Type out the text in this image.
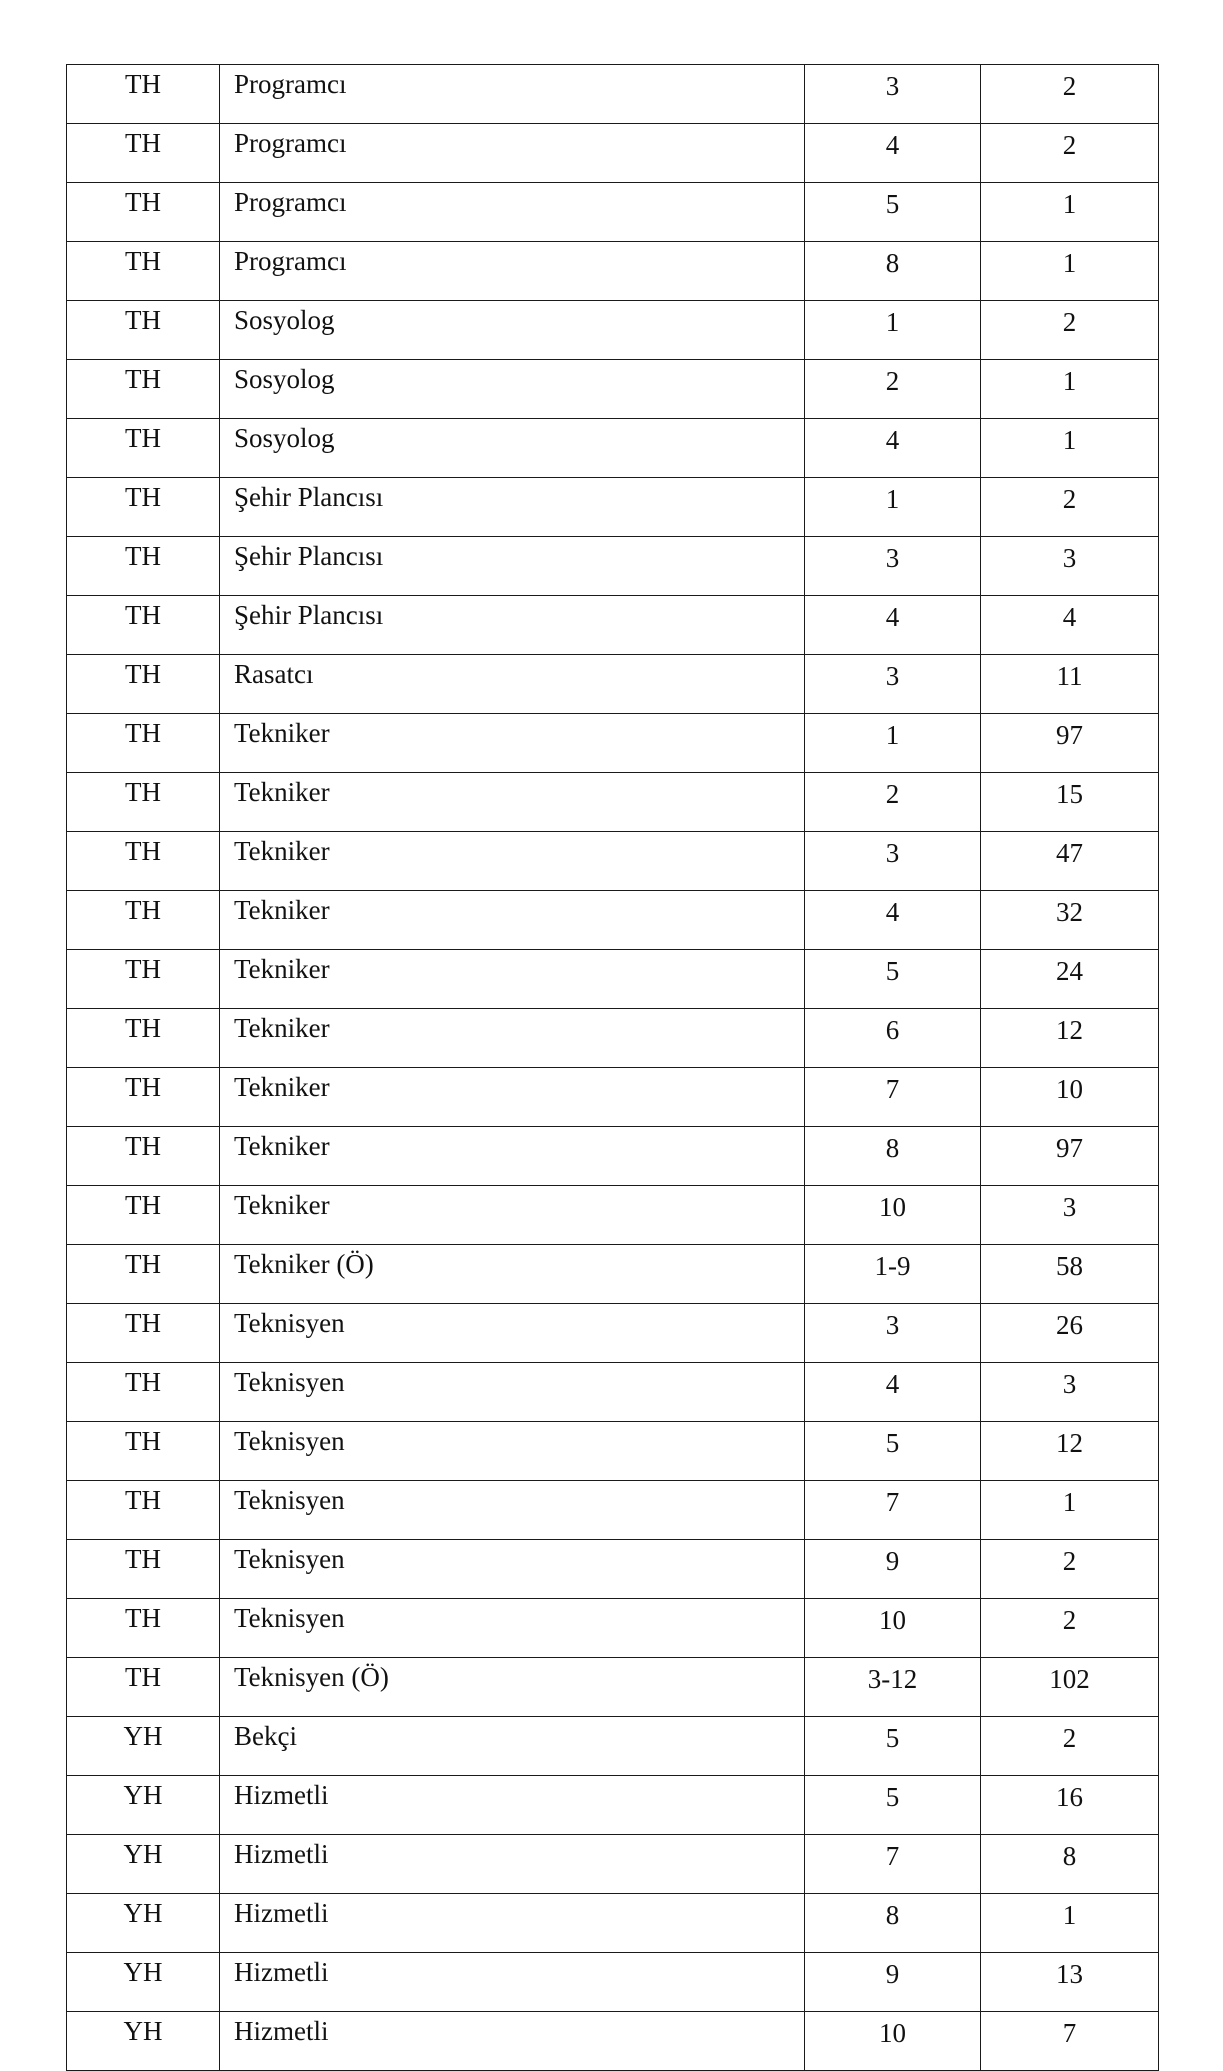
TH	Programcı	3	2
TH	Programcı	4	2
TH	Programcı	5	1
TH	Programcı	8	1
TH	Sosyolog	1	2
TH	Sosyolog	2	1
TH	Sosyolog	4	1
TH	Şehir Plancısı	1	2
TH	Şehir Plancısı	3	3
TH	Şehir Plancısı	4	4
TH	Rasatcı	3	11
TH	Tekniker	1	97
TH	Tekniker	2	15
TH	Tekniker	3	47
TH	Tekniker	4	32
TH	Tekniker	5	24
TH	Tekniker	6	12
TH	Tekniker	7	10
TH	Tekniker	8	97
TH	Tekniker	10	3
TH	Tekniker (Ö)	1-9	58
TH	Teknisyen	3	26
TH	Teknisyen	4	3
TH	Teknisyen	5	12
TH	Teknisyen	7	1
TH	Teknisyen	9	2
TH	Teknisyen	10	2
TH	Teknisyen (Ö)	3-12	102
YH	Bekçi	5	2
YH	Hizmetli	5	16
YH	Hizmetli	7	8
YH	Hizmetli	8	1
YH	Hizmetli	9	13
YH	Hizmetli	10	7
